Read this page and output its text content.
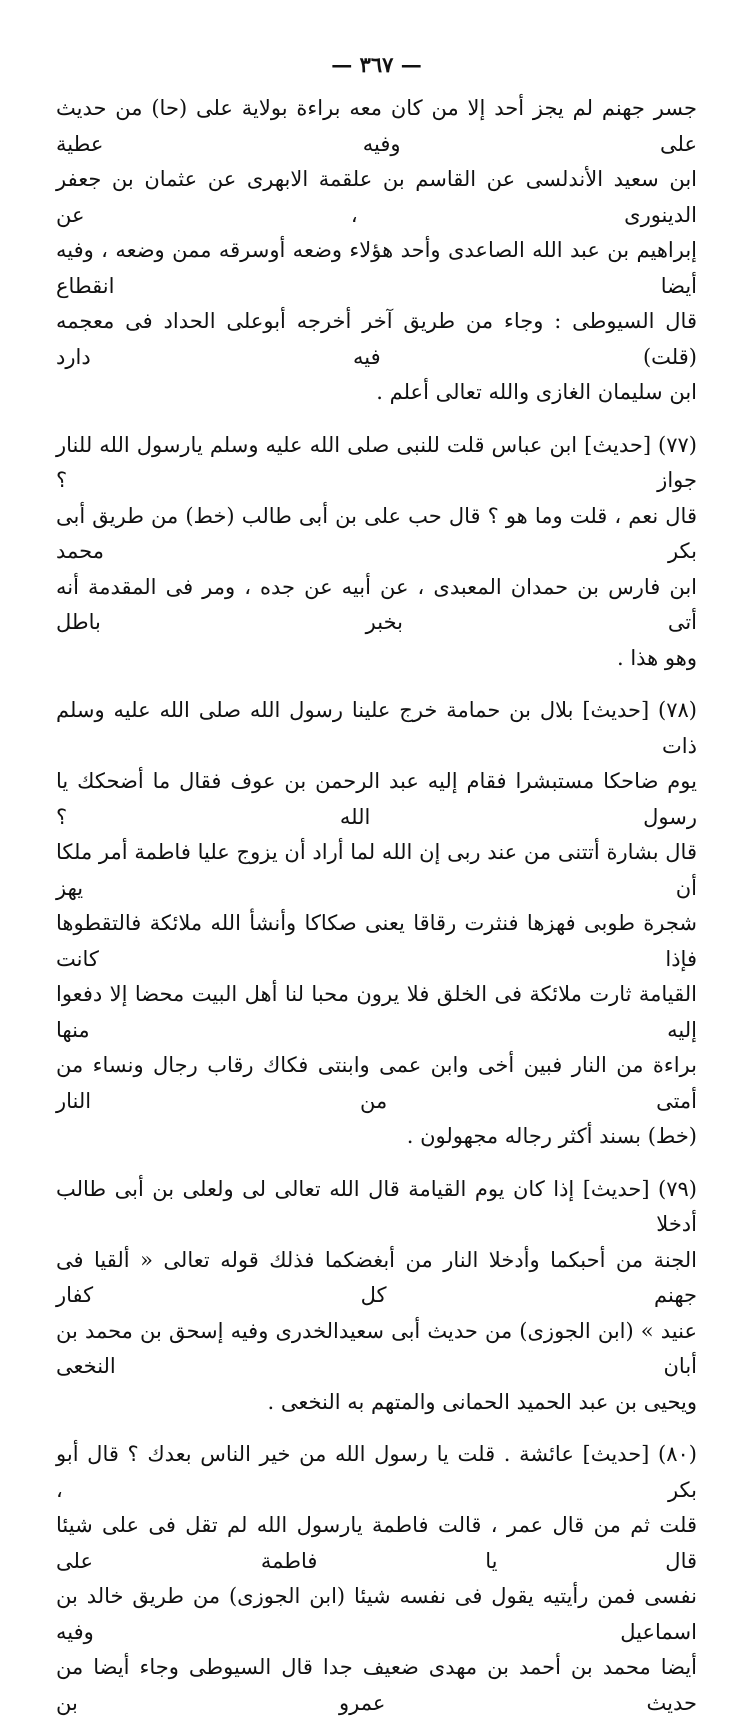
— ٣٦٧ —
جسر جهنم لم يجز أحد إلا من كان معه براءة بولاية على (حا) من حديث على وفيه عطية
ابن سعيد الأندلسى عن القاسم بن علقمة الابهرى عن عثمان بن جعفر الدينورى ، عن
إبراهيم بن عبد الله الصاعدى وأحد هؤلاء وضعه أوسرقه ممن وضعه ، وفيه أيضا انقطاع
قال السيوطى : وجاء من طريق آخر أخرجه أبوعلى الحداد فى معجمه (قلت) فيه دارد
ابن سليمان الغازى والله تعالى أعلم .
(٧٧) [حديث] ابن عباس قلت للنبى صلى الله عليه وسلم يارسول الله للنار جواز ؟
قال نعم ، قلت وما هو ؟ قال حب على بن أبى طالب (خط) من طريق أبى بكر محمد
ابن فارس بن حمدان المعبدى ، عن أبيه عن جده ، ومر فى المقدمة أنه أتى بخبر باطل
وهو هذا .
(٧٨) [حديث] بلال بن حمامة خرج علينا رسول الله صلى الله عليه وسلم ذات
يوم ضاحكا مستبشرا فقام إليه عبد الرحمن بن عوف فقال ما أضحكك يا رسول الله ؟
قال بشارة أتتنى من عند ربى إن الله لما أراد أن يزوج عليا فاطمة أمر ملكا أن يهز
شجرة طوبى فهزها فنثرت رقاقا يعنى صكاكا وأنشأ الله ملائكة فالتقطوها فإذا كانت
القيامة ثارت ملائكة فى الخلق فلا يرون محبا لنا أهل البيت محضا إلا دفعوا إليه منها
براءة من النار فبين أخى وابن عمى وابنتى فكاك رقاب رجال ونساء من أمتى من النار
(خط) بسند أكثر رجاله مجهولون .
(٧٩) [حديث] إذا كان يوم القيامة قال الله تعالى لى ولعلى بن أبى طالب أدخلا
الجنة من أحبكما وأدخلا النار من أبغضكما فذلك قوله تعالى « ألقيا فى جهنم كل كفار
عنيد » (ابن الجوزى) من حديث أبى سعيدالخدرى وفيه إسحق بن محمد بن أبان النخعى
ويحيى بن عبد الحميد الحمانى والمتهم به النخعى .
(٨٠) [حديث] عائشة . قلت يا رسول الله من خير الناس بعدك ؟ قال أبو بكر ،
قلت ثم من قال عمر ، قالت فاطمة يارسول الله لم تقل فى على شيئا قال يا فاطمة على
نفسى فمن رأيتيه يقول فى نفسه شيئا (ابن الجوزى) من طريق خالد بن اسماعيل وفيه
أيضا محمد بن أحمد بن مهدى ضعيف جدا قال السيوطى وجاء أيضا من حديث عمرو بن
